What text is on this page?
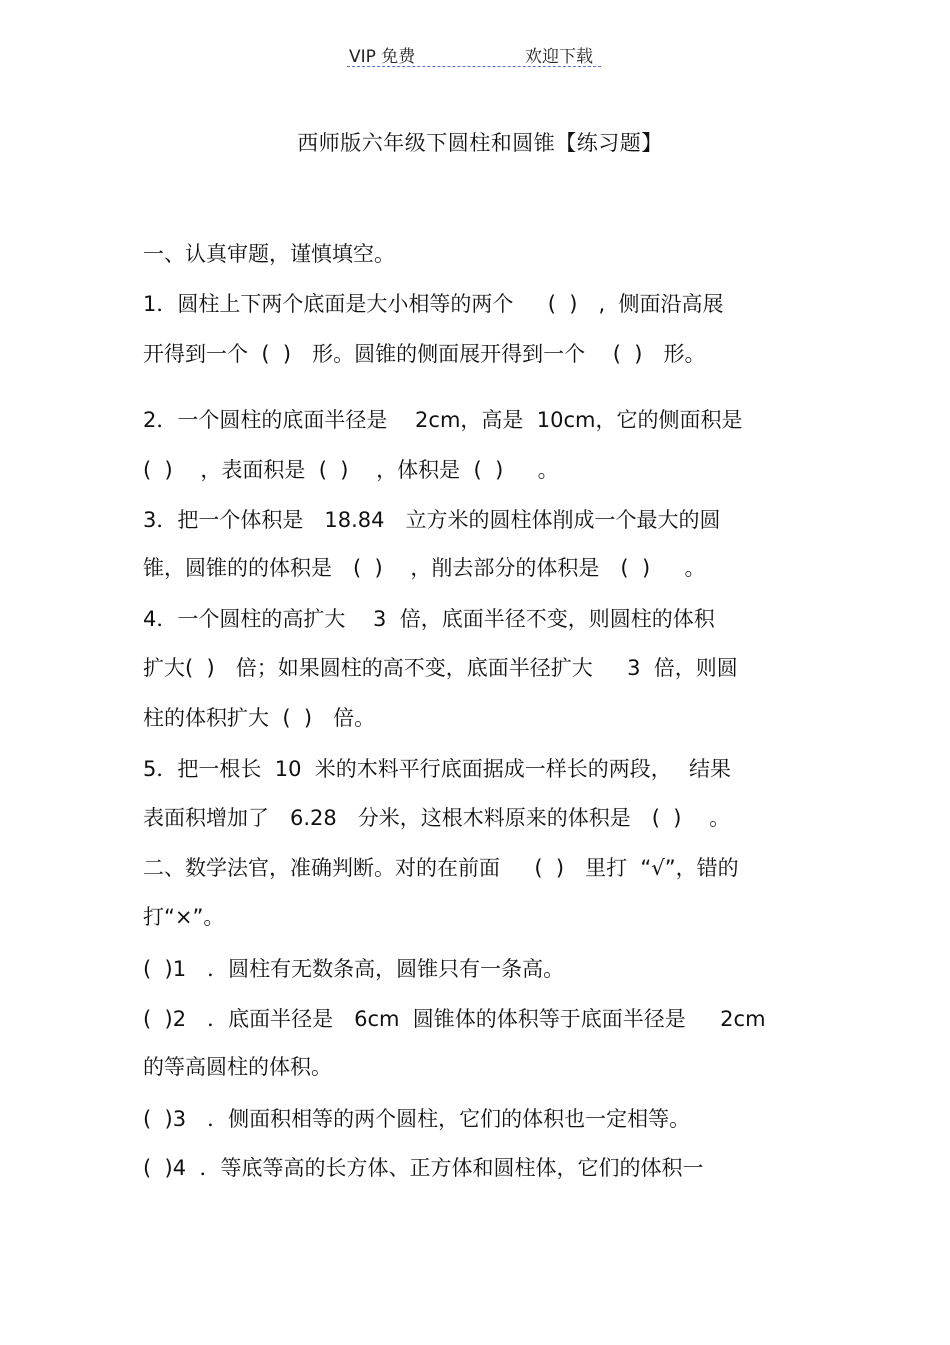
VIP 免费	欢迎下载
西师版六年级下圆柱和圆锥【练习题】
一、认真审题，谨慎填空。
1．圆柱上下两个底面是大小相等的两个　  (  )　,  侧面沿高展
开得到一个  (  )　形。圆锥的侧面展开得到一个　 (  )　形。
2．一个圆柱的底面半径是　 2cm，高是  10cm，它的侧面积是
(  )　 ，表面积是  (  )　 ，体积是  (  )　  。
3．把一个体积是　18.84　立方米的圆柱体削成一个最大的圆
锥，圆锥的的体积是　(  )　 ，削去部分的体积是　(  )　  。
4．一个圆柱的高扩大　 3  倍，底面半径不变，则圆柱的体积
扩大(  )　倍；如果圆柱的高不变，底面半径扩大　  3  倍，则圆
柱的体积扩大  (  )　倍。
5．把一根长  10  米的木料平行底面据成一样长的两段，　 结果
表面积增加了　6.28　分米，这根木料原来的体积是　(  )　 。
二、数学法官，准确判断。对的在前面　  (  )　里打  “√”，错的
打“×”。
(  )1　．圆柱有无数条高，圆锥只有一条高。
(  )2　．底面半径是　6cm  圆锥体的体积等于底面半径是　  2cm
的等高圆柱的体积。
(  )3　．侧面积相等的两个圆柱，它们的体积也一定相等。
(  )4  ．等底等高的长方体、正方体和圆柱体，它们的体积一
